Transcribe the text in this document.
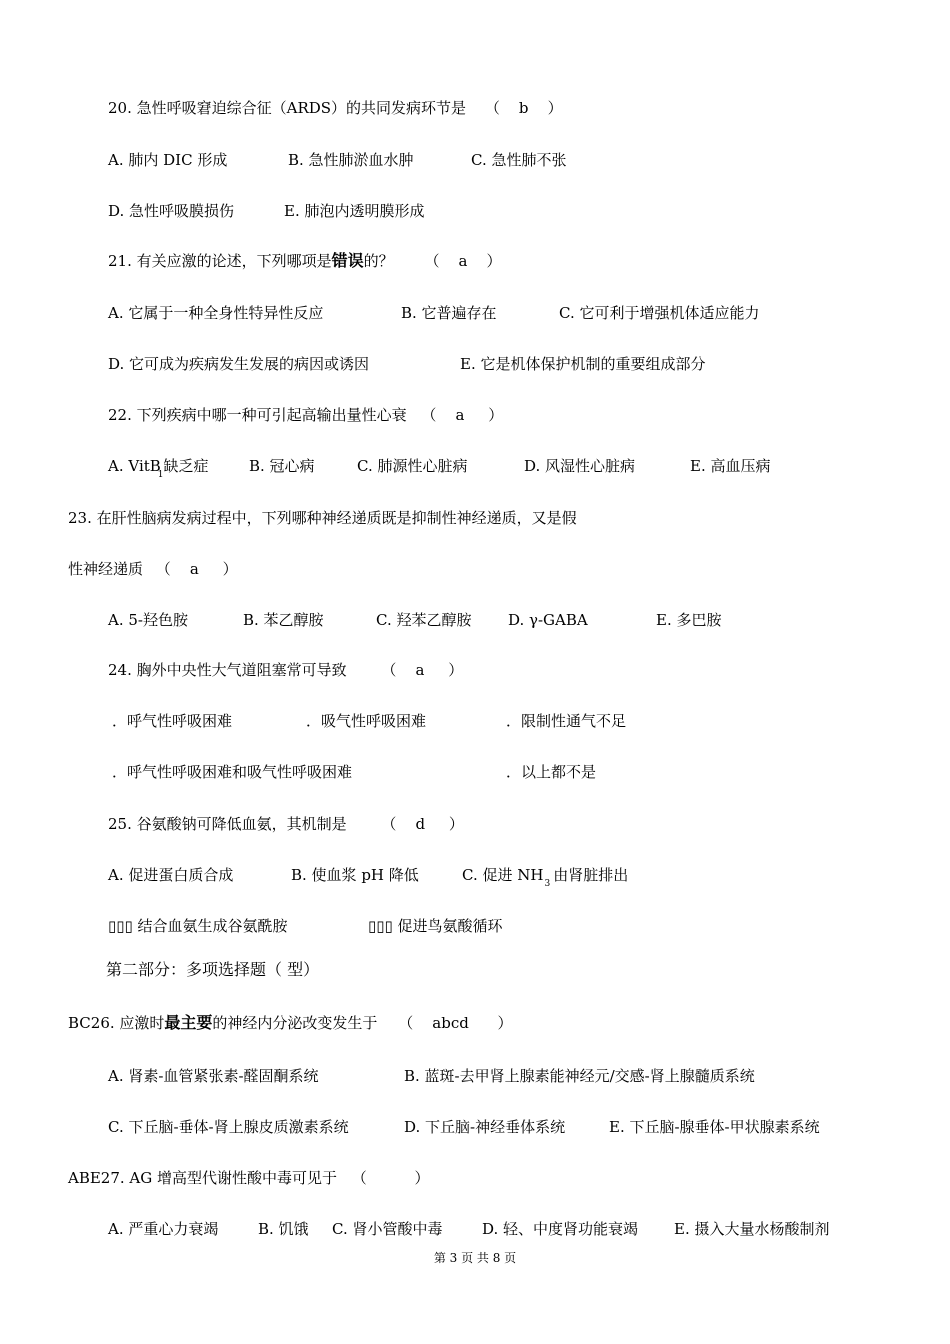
20. 急性呼吸窘迫综合征（ARDS）的共同发病环节是 （    b    ）
A. 肺内 DIC 形成	B. 急性肺淤血水肿	C. 急性肺不张
D. 急性呼吸膜损伤	E. 肺泡内透明膜形成
21. 有关应激的论述，下列哪项是错误的？ （    a    ）
A. 它属于一种全身性特异性反应	B. 它普遍存在	C. 它可利于增强机体适应能力
D. 它可成为疾病发生发展的病因或诱因	E. 它是机体保护机制的重要组成部分
22. 下列疾病中哪一种可引起高输出量性心衰 （    a     ）
A. VitB$_1$缺乏症	B. 冠心病	C. 肺源性心脏病	D. 风湿性心脏病	E. 高血压病
23. 在肝性脑病发病过程中，下列哪种神经递质既是抑制性神经递质，又是假
性神经递质 （    a     ）
A. 5-羟色胺	B. 苯乙醇胺	C. 羟苯乙醇胺 D. γ-GABA	E. 多巴胺
24. 胸外中央性大气道阻塞常可导致 （    a     ）
．呼气性呼吸困难	．吸气性呼吸困难	．限制性通气不足
．呼气性呼吸困难和吸气性呼吸困难	．以上都不是
25. 谷氨酸钠可降低血氨，其机制是 （    d     ）
A. 促进蛋白质合成	B. 使血浆 pH 降低	C. 促进 $NH_3$ 由肾脏排出
▯▯▯ 结合血氨生成谷氨酰胺	▯▯▯ 促进鸟氨酸循环
第二部分：多项选择题（ 型）
BC26. 应激时最主要的神经内分泌改变发生于 （    abcd      ）
A. 肾素-血管紧张素-醛固酮系统	B. 蓝斑-去甲肾上腺素能神经元/交感-肾上腺髓质系统
C. 下丘脑-垂体-肾上腺皮质激素系统	D. 下丘脑-神经垂体系统	E. 下丘脑-腺垂体-甲状腺素系统
ABE27. AG 增高型代谢性酸中毒可见于 （          ）
A. 严重心力衰竭	B. 饥饿 C. 肾小管酸中毒	D. 轻、中度肾功能衰竭 E. 摄入大量水杨酸制剂
第 3 页 共 8 页
